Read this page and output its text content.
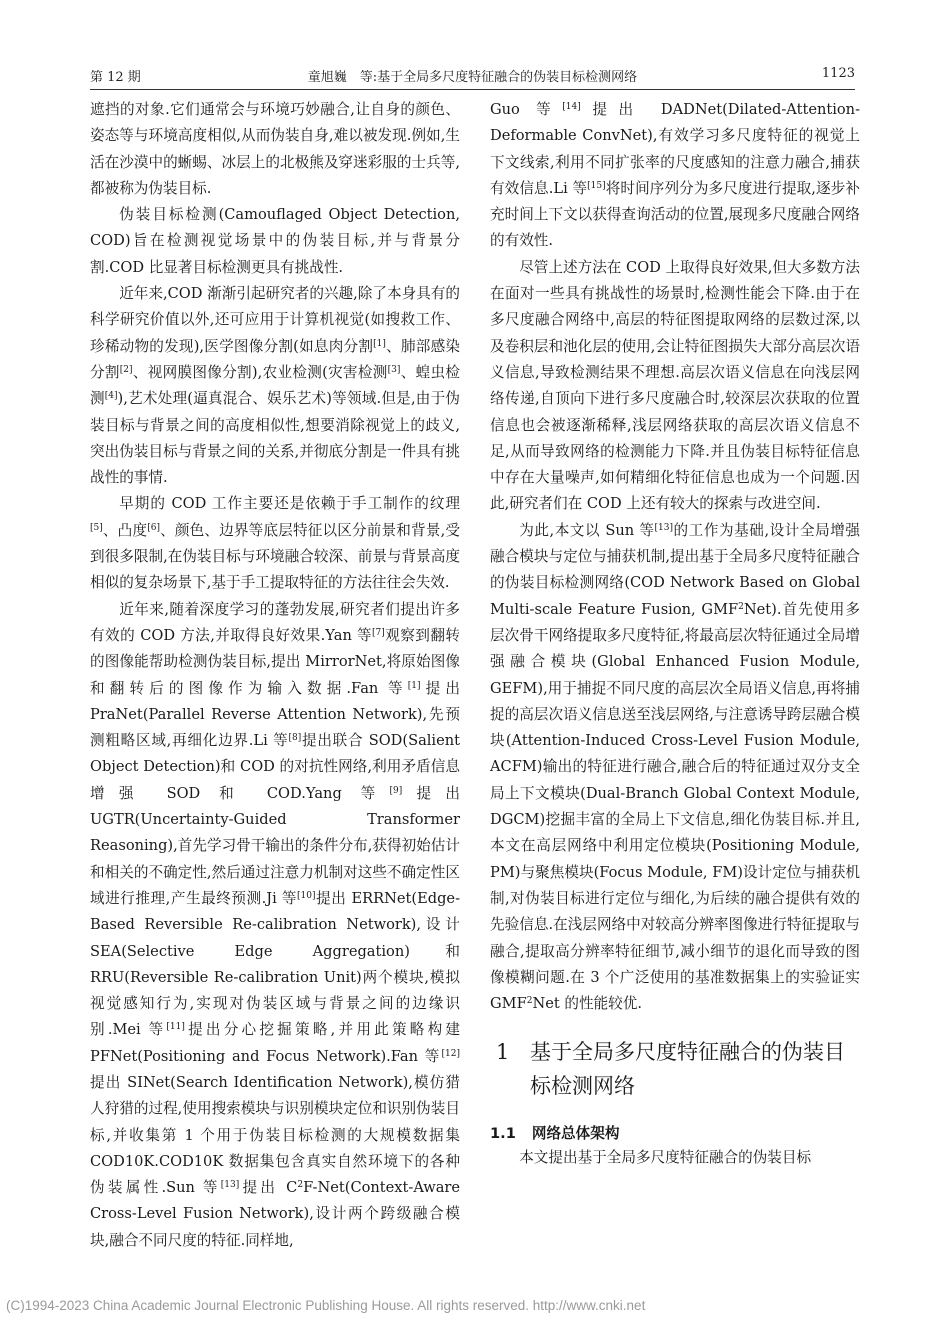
第 12 期	童旭巍　等:基于全局多尺度特征融合的伪装目标检测网络	1123

遮挡的对象.它们通常会与环境巧妙融合,让自身的颜色、姿态等与环境高度相似,从而伪装自身,难以被发现.例如,生活在沙漠中的蜥蜴、冰层上的北极熊及穿迷彩服的士兵等,都被称为伪装目标.

伪装目标检测(Camouflaged Object Detection, COD)旨在检测视觉场景中的伪装目标,并与背景分割.COD 比显著目标检测更具有挑战性.

近年来,COD 渐渐引起研究者的兴趣,除了本身具有的科学研究价值以外,还可应用于计算机视觉(如搜救工作、珍稀动物的发现),医学图像分割(如息肉分割[1]、肺部感染分割[2]、视网膜图像分割),农业检测(灾害检测[3]、蝗虫检测[4]),艺术处理(逼真混合、娱乐艺术)等领域.但是,由于伪装目标与背景之间的高度相似性,想要消除视觉上的歧义,突出伪装目标与背景之间的关系,并彻底分割是一件具有挑战性的事情.

早期的 COD 工作主要还是依赖于手工制作的纹理[5]、凸度[6]、颜色、边界等底层特征以区分前景和背景,受到很多限制,在伪装目标与环境融合较深、前景与背景高度相似的复杂场景下,基于手工提取特征的方法往往会失效.

近年来,随着深度学习的蓬勃发展,研究者们提出许多有效的 COD 方法,并取得良好效果.Yan 等[7]观察到翻转的图像能帮助检测伪装目标,提出 MirrorNet,将原始图像和翻转后的图像作为输入数据.Fan 等[1]提出 PraNet(Parallel Reverse Attention Network),先预测粗略区域,再细化边界.Li 等[8]提出联合 SOD(Salient Object Detection)和 COD 的对抗性网络,利用矛盾信息增强 SOD 和 COD.Yang 等[9]提出 UGTR(Uncertainty-Guided Transformer Reasoning),首先学习骨干输出的条件分布,获得初始估计和相关的不确定性,然后通过注意力机制对这些不确定性区域进行推理,产生最终预测.Ji 等[10]提出 ERRNet(Edge-Based Reversible Re-calibration Network),设计 SEA(Selective Edge Aggregation)和 RRU(Reversible Re-calibration Unit)两个模块,模拟视觉感知行为,实现对伪装区域与背景之间的边缘识别.Mei 等[11]提出分心挖掘策略,并用此策略构建 PFNet(Positioning and Focus Network).Fan 等[12]提出 SINet(Search Identification Network),模仿猎人狩猎的过程,使用搜索模块与识别模块定位和识别伪装目标,并收集第 1 个用于伪装目标检测的大规模数据集 COD10K.COD10K 数据集包含真实自然环境下的各种伪装属性.Sun 等[13]提出 $C^2F-Net(Context$-Aware Cross-Level Fusion Network),设计两个跨级融合模块,融合不同尺度的特征.同样地,

Guo 等[14]提出 DADNet(Dilated-Attention-Deformable ConvNet),有效学习多尺度特征的视觉上下文线索,利用不同扩张率的尺度感知的注意力融合,捕获有效信息.Li 等[15]将时间序列分为多尺度进行提取,逐步补充时间上下文以获得查询活动的位置,展现多尺度融合网络的有效性.

尽管上述方法在 COD 上取得良好效果,但大多数方法在面对一些具有挑战性的场景时,检测性能会下降.由于在多尺度融合网络中,高层的特征图提取网络的层数过深,以及卷积层和池化层的使用,会让特征图损失大部分高层次语义信息,导致检测结果不理想.高层次语义信息在向浅层网络传递,自顶向下进行多尺度融合时,较深层次获取的位置信息也会被逐渐稀释,浅层网络获取的高层次语义信息不足,从而导致网络的检测能力下降.并且伪装目标特征信息中存在大量噪声,如何精细化特征信息也成为一个问题.因此,研究者们在 COD 上还有较大的探索与改进空间.

为此,本文以 Sun 等[13]的工作为基础,设计全局增强融合模块与定位与捕获机制,提出基于全局多尺度特征融合的伪装目标检测网络(COD Network Based on Global Multi-scale Feature Fusion, GMF$^2$Net).首先使用多层次骨干网络提取多尺度特征,将最高层次特征通过全局增强融合模块(Global Enhanced Fusion Module, GEFM),用于捕捉不同尺度的高层次全局语义信息,再将捕捉的高层次语义信息送至浅层网络,与注意诱导跨层融合模块(Attention-Induced Cross-Level Fusion Module, ACFM)输出的特征进行融合,融合后的特征通过双分支全局上下文模块(Dual-Branch Global Context Module, DGCM)挖掘丰富的全局上下文信息,细化伪装目标.并且,本文在高层网络中利用定位模块(Positioning Module, PM)与聚焦模块(Focus Module, FM)设计定位与捕获机制,对伪装目标进行定位与细化,为后续的融合提供有效的先验信息.在浅层网络中对较高分辨率图像进行特征提取与融合,提取高分辨率特征细节,减小细节的退化而导致的图像模糊问题.在 3 个广泛使用的基准数据集上的实验证实 GMF$^2$Net 的性能较优.

1 基于全局多尺度特征融合的伪装目标检测网络
1.1 网络总体架构

本文提出基于全局多尺度特征融合的伪装目标

(C)1994-2023 China Academic Journal Electronic Publishing House. All rights reserved. http://www.cnki.net
